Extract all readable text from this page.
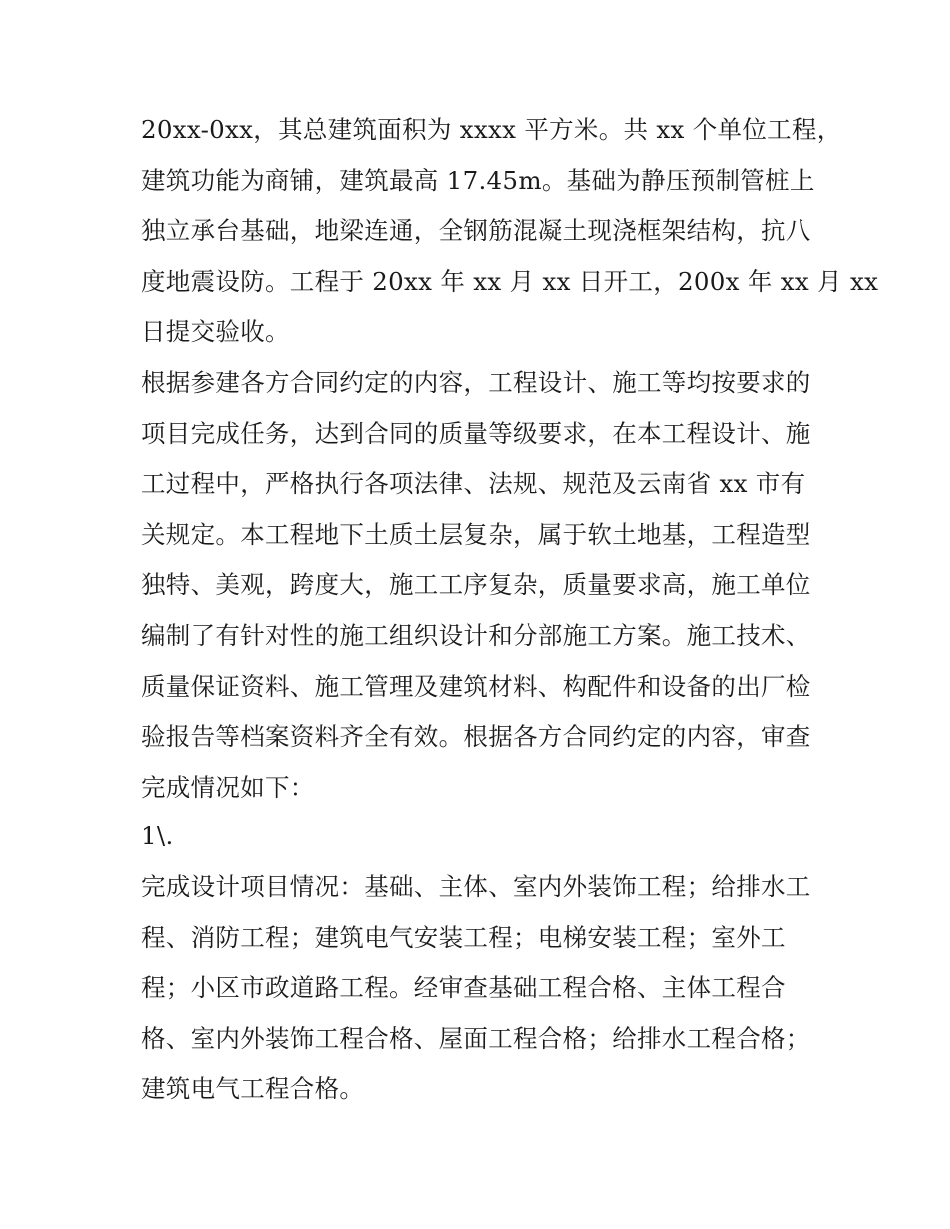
20xx-0xx，其总建筑面积为 xxxx 平方米。共 xx 个单位工程，
建筑功能为商铺，建筑最高 17.45m。基础为静压预制管桩上
独立承台基础，地梁连通，全钢筋混凝土现浇框架结构，抗八
度地震设防。工程于 20xx 年 xx 月 xx 日开工，200x 年 xx 月 xx
日提交验收。
根据参建各方合同约定的内容，工程设计、施工等均按要求的
项目完成任务，达到合同的质量等级要求，在本工程设计、施
工过程中，严格执行各项法律、法规、规范及云南省 xx 市有
关规定。本工程地下土质土层复杂，属于软土地基，工程造型
独特、美观，跨度大，施工工序复杂，质量要求高，施工单位
编制了有针对性的施工组织设计和分部施工方案。施工技术、
质量保证资料、施工管理及建筑材料、构配件和设备的出厂检
验报告等档案资料齐全有效。根据各方合同约定的内容，审查
完成情况如下：
1\.
完成设计项目情况：基础、主体、室内外装饰工程；给排水工
程、消防工程；建筑电气安装工程；电梯安装工程；室外工
程；小区市政道路工程。经审查基础工程合格、主体工程合
格、室内外装饰工程合格、屋面工程合格；给排水工程合格；
建筑电气工程合格。
